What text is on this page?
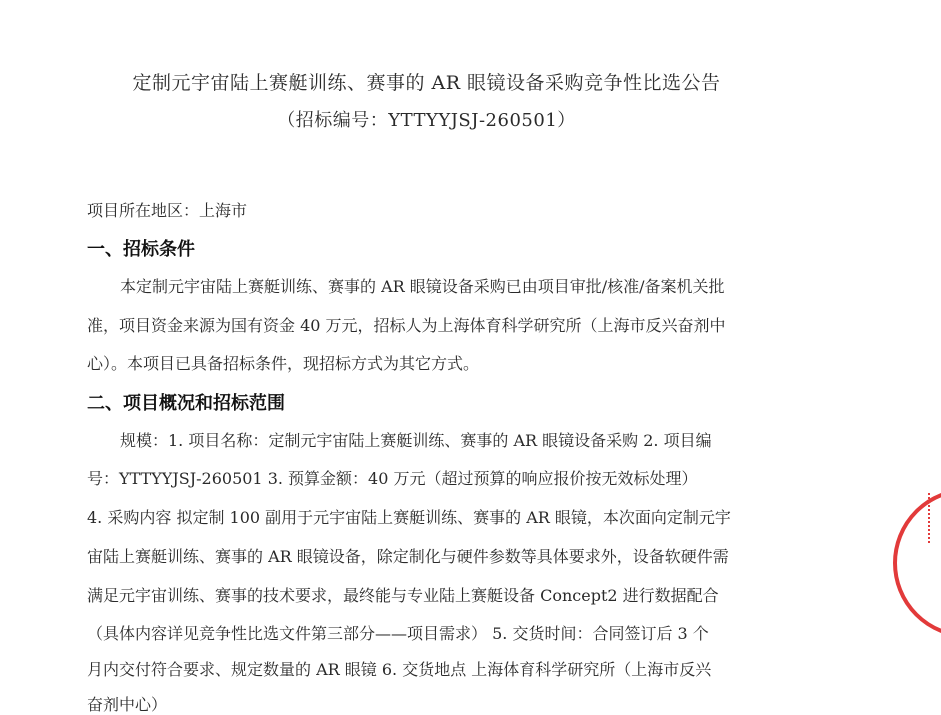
定制元宇宙陆上赛艇训练、赛事的 AR 眼镜设备采购竞争性比选公告
（招标编号：YTTYYJSJ-260501）
项目所在地区：上海市
一、招标条件
本定制元宇宙陆上赛艇训练、赛事的 AR 眼镜设备采购已由项目审批/核准/备案机关批
准，项目资金来源为国有资金 40 万元，招标人为上海体育科学研究所（上海市反兴奋剂中
心）。本项目已具备招标条件，现招标方式为其它方式。
二、项目概况和招标范围
规模：1. 项目名称：定制元宇宙陆上赛艇训练、赛事的 AR 眼镜设备采购 2. 项目编
号：YTTYYJSJ-260501 3. 预算金额：40 万元（超过预算的响应报价按无效标处理）
4. 采购内容 拟定制 100 副用于元宇宙陆上赛艇训练、赛事的 AR 眼镜，本次面向定制元宇
宙陆上赛艇训练、赛事的 AR 眼镜设备，除定制化与硬件参数等具体要求外，设备软硬件需
满足元宇宙训练、赛事的技术要求，最终能与专业陆上赛艇设备 Concept2 进行数据配合
（具体内容详见竞争性比选文件第三部分——项目需求） 5. 交货时间：合同签订后 3 个
月内交付符合要求、规定数量的 AR 眼镜 6. 交货地点 上海体育科学研究所（上海市反兴
奋剂中心）
